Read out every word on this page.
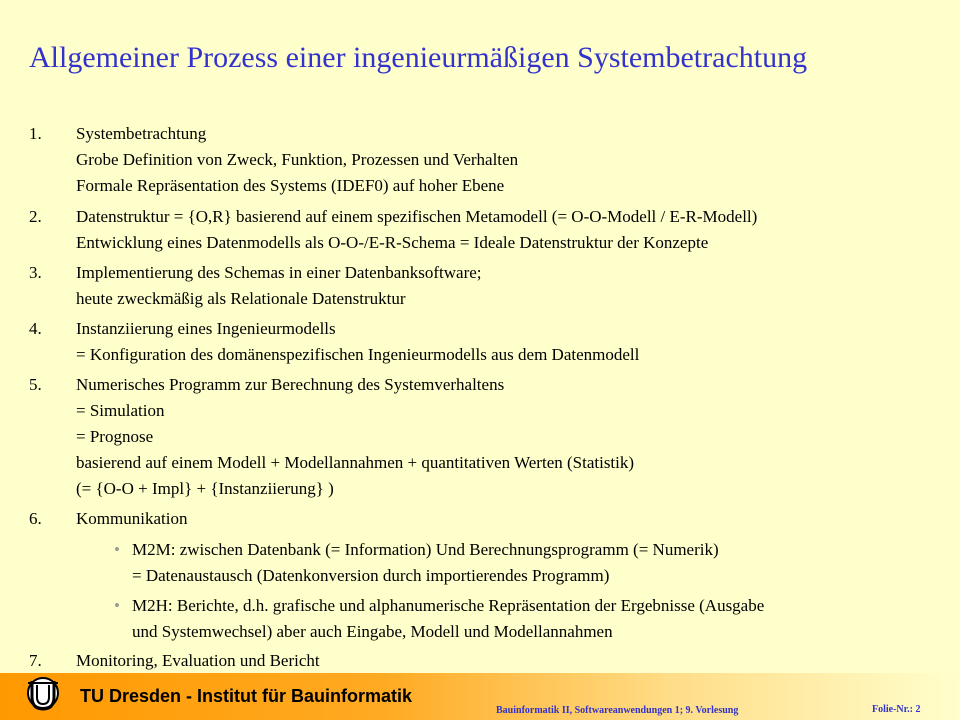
Allgemeiner Prozess einer ingenieurmäßigen Systembetrachtung
1. Systembetrachtung
Grobe Definition von Zweck, Funktion, Prozessen und Verhalten
Formale Repräsentation des Systems (IDEF0) auf hoher Ebene
2. Datenstruktur = {O,R} basierend auf einem spezifischen Metamodell (= O-O-Modell / E-R-Modell)
Entwicklung eines Datenmodells als O-O-/E-R-Schema = Ideale Datenstruktur der Konzepte
3. Implementierung des Schemas in einer Datenbanksoftware;
heute zweckmäßig als Relationale Datenstruktur
4. Instanziierung eines Ingenieurmodells
= Konfiguration des domänenspezifischen Ingenieurmodells aus dem Datenmodell
5. Numerisches Programm zur Berechnung des Systemverhaltens
= Simulation
= Prognose
basierend auf einem Modell + Modellannahmen + quantitativen Werten (Statistik)
(= {O-O + Impl} + {Instanziierung} )
6. Kommunikation
• M2M: zwischen Datenbank (= Information) Und Berechnungsprogramm (= Numerik)
= Datenaustausch (Datenkonversion durch importierendes Programm)
• M2H: Berichte, d.h. grafische und alphanumerische Repräsentation der Ergebnisse (Ausgabe
und Systemwechsel) aber auch Eingabe, Modell und Modellannahmen
7. Monitoring, Evaluation und Bericht
TU Dresden - Institut für Bauinformatik
Bauinformatik II, Softwareanwendungen 1; 9. Vorlesung	Folie-Nr.: 2
